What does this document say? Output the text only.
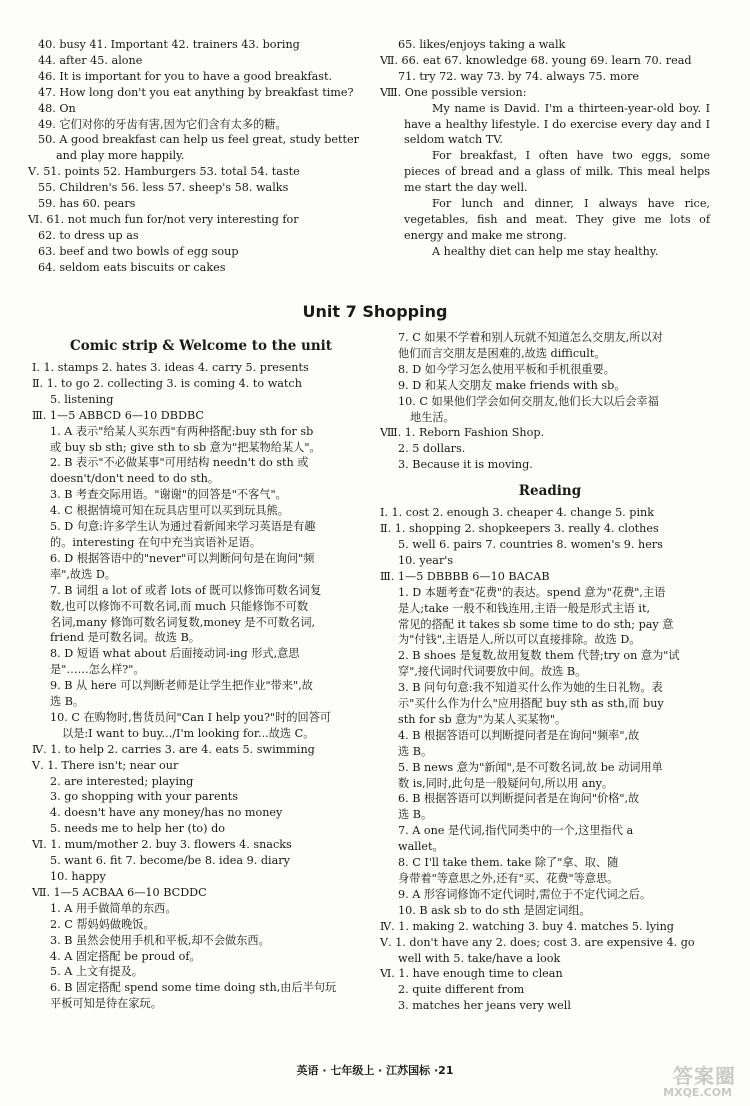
40. busy 41. Important 42. trainers 43. boring
44. after 45. alone
46. It is important for you to have a good breakfast.
47. How long don't you eat anything by breakfast time?
48. On
49. 它们对你的牙齿有害,因为它们含有太多的糖。
50. A good breakfast can help us feel great, study better
and play more happily.
Ⅴ. 51. points 52. Hamburgers 53. total 54. taste
55. Children's 56. less 57. sheep's 58. walks
59. has 60. pears
Ⅵ. 61. not much fun for/not very interesting for
62. to dress up as
63. beef and two bowls of egg soup
64. seldom eats biscuits or cakes
65. likes/enjoys taking a walk
Ⅶ. 66. eat 67. knowledge 68. young 69. learn 70. read
71. try 72. way 73. by 74. always 75. more
Ⅷ. One possible version:
My name is David. I'm a thirteen-year-old boy. I have a healthy lifestyle. I do exercise every day and I seldom watch TV.
For breakfast, I often have two eggs, some pieces of bread and a glass of milk. This meal helps me start the day well.
For lunch and dinner, I always have rice, vegetables, fish and meat. They give me lots of energy and make me strong.
A healthy diet can help me stay healthy.
Unit 7 Shopping
Comic strip & Welcome to the unit
Ⅰ. 1. stamps 2. hates 3. ideas 4. carry 5. presents
Ⅱ. 1. to go 2. collecting 3. is coming 4. to watch
5. listening
Ⅲ. 1—5 ABBCD 6—10 DBDBC
1. A 表示"给某人买东西"有两种搭配:buy sth for sb
或 buy sb sth; give sth to sb 意为"把某物给某人"。
2. B 表示"不必做某事"可用结构 needn't do sth 或
doesn't/don't need to do sth。
3. B 考查交际用语。"谢谢"的回答是"不客气"。
4. C 根据情境可知在玩具店里可以买到玩具熊。
5. D 句意:许多学生认为通过看新闻来学习英语是有趣
的。interesting 在句中充当宾语补足语。
6. D 根据答语中的"never"可以判断问句是在询问"频
率",故选 D。
7. B 词组 a lot of 或者 lots of 既可以修饰可数名词复
数,也可以修饰不可数名词,而 much 只能修饰不可数
名词,many 修饰可数名词复数,money 是不可数名词,
friend 是可数名词。故选 B。
8. D 短语 what about 后面接动词-ing 形式,意思
是"……怎么样?"。
9. B 从 here 可以判断老师是让学生把作业"带来",故
选 B。
10. C 在购物时,售货员问"Can I help you?"时的回答可
以是:I want to buy.../I'm looking for...故选 C。
Ⅳ. 1. to help 2. carries 3. are 4. eats 5. swimming
Ⅴ. 1. There isn't; near our
2. are interested; playing
3. go shopping with your parents
4. doesn't have any money/has no money
5. needs me to help her (to) do
Ⅵ. 1. mum/mother 2. buy 3. flowers 4. snacks
5. want 6. fit 7. become/be 8. idea 9. diary
10. happy
Ⅶ. 1—5 ACBAA 6—10 BCDDC
1. A 用手做简单的东西。
2. C 帮妈妈做晚饭。
3. B 虽然会使用手机和平板,却不会做东西。
4. A 固定搭配 be proud of。
5. A 上文有提及。
6. B 固定搭配 spend some time doing sth,由后半句玩
平板可知是待在家玩。
7. C 如果不学着和别人玩就不知道怎么交朋友,所以对
他们而言交朋友是困难的,故选 difficult。
8. D 如今学习怎么使用平板和手机很重要。
9. D 和某人交朋友 make friends with sb。
10. C 如果他们学会如何交朋友,他们长大以后会幸福
地生活。
Ⅷ. 1. Reborn Fashion Shop.
2. 5 dollars.
3. Because it is moving.
Reading
Ⅰ. 1. cost 2. enough 3. cheaper 4. change 5. pink
Ⅱ. 1. shopping 2. shopkeepers 3. really 4. clothes
5. well 6. pairs 7. countries 8. women's 9. hers
10. year's
Ⅲ. 1—5 DBBBB 6—10 BACAB
1. D 本题考查"花费"的表达。spend 意为"花费",主语
是人;take 一般不和钱连用,主语一般是形式主语 it,
常见的搭配 it takes sb some time to do sth; pay 意
为"付钱",主语是人,所以可以直接排除。故选 D。
2. B shoes 是复数,故用复数 them 代替;try on 意为"试
穿",接代词时代词要放中间。故选 B。
3. B 问句句意:我不知道买什么作为她的生日礼物。表
示"买什么作为什么"应用搭配 buy sth as sth,而 buy
sth for sb 意为"为某人买某物"。
4. B 根据答语可以判断提问者是在询问"频率",故
选 B。
5. B news 意为"新闻",是不可数名词,故 be 动词用单
数 is,同时,此句是一般疑问句,所以用 any。
6. B 根据答语可以判断提问者是在询问"价格",故
选 B。
7. A one 是代词,指代同类中的一个,这里指代 a
wallet。
8. C I'll take them. take 除了"拿、取、随
身带着"等意思之外,还有"买、花费"等意思。
9. A 形容词修饰不定代词时,需位于不定代词之后。
10. B ask sb to do sth 是固定词组。
Ⅳ. 1. making 2. watching 3. buy 4. matches 5. lying
Ⅴ. 1. don't have any 2. does; cost 3. are expensive 4. go
well with 5. take/have a look
Ⅵ. 1. have enough time to clean
2. quite different from
3. matches her jeans very well
英语 · 七年级上 · 江苏国标 ·21	答案圈
MXQE.COM
